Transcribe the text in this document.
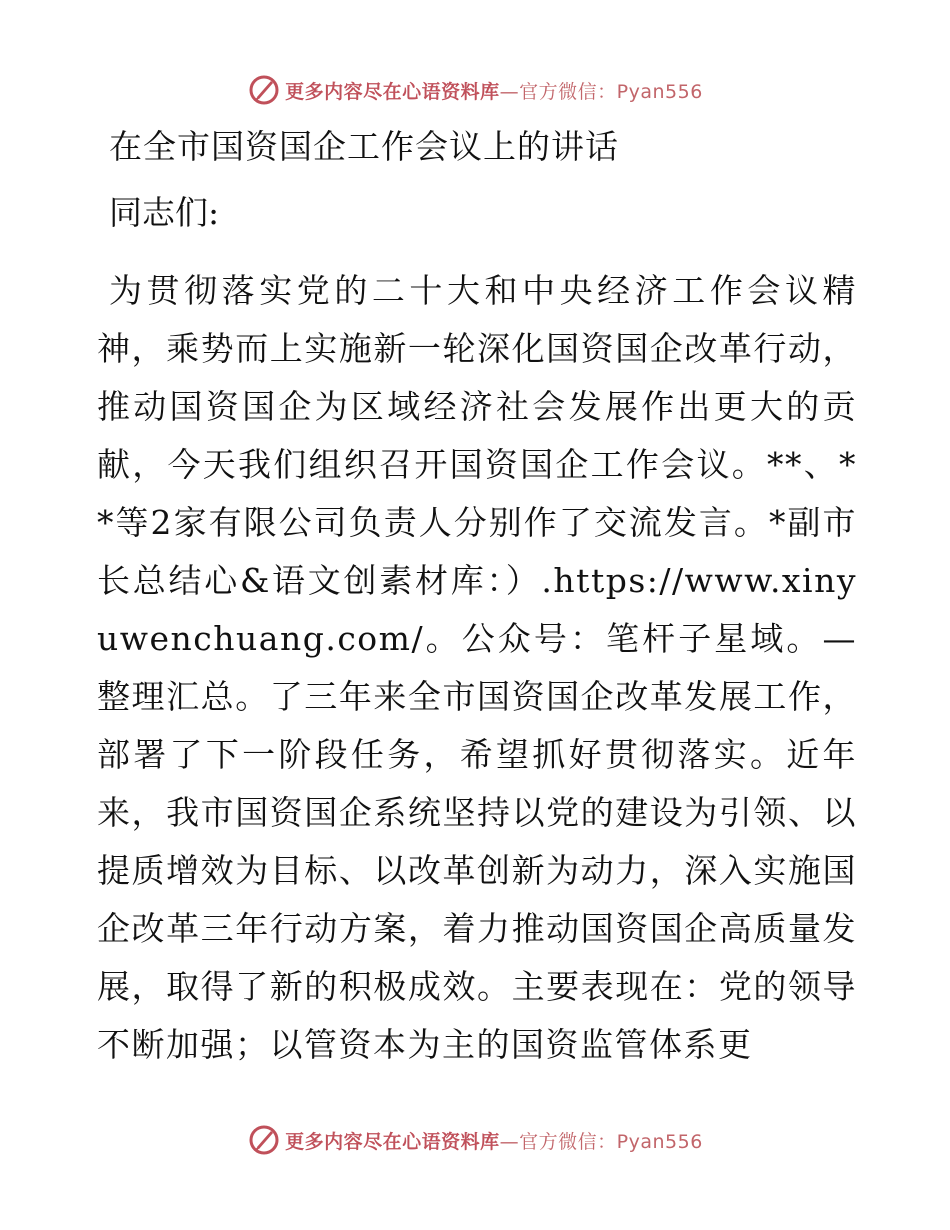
更多内容尽在心语资料库—官方微信：Pyan556
在全市国资国企工作会议上的讲话

同志们:

为贯彻落实党的二十大和中央经济工作会议精神，乘势而上实施新一轮深化国资国企改革行动，推动国资国企为区域经济社会发展作出更大的贡献，今天我们组织召开国资国企工作会议。**、**等2家有限公司负责人分别作了交流发言。*副市长总结心&语文创素材库：）.https://www.xinyuwenchuang.com/。公众号：笔杆子星域。—整理汇总。了三年来全市国资国企改革发展工作，部署了下一阶段任务，希望抓好贯彻落实。近年来，我市国资国企系统坚持以党的建设为引领、以提质增效为目标、以改革创新为动力，深入实施国企改革三年行动方案，着力推动国资国企高质量发展，取得了新的积极成效。主要表现在：党的领导不断加强；以管资本为主的国资监管体系更

更多内容尽在心语资料库—官方微信：Pyan556
